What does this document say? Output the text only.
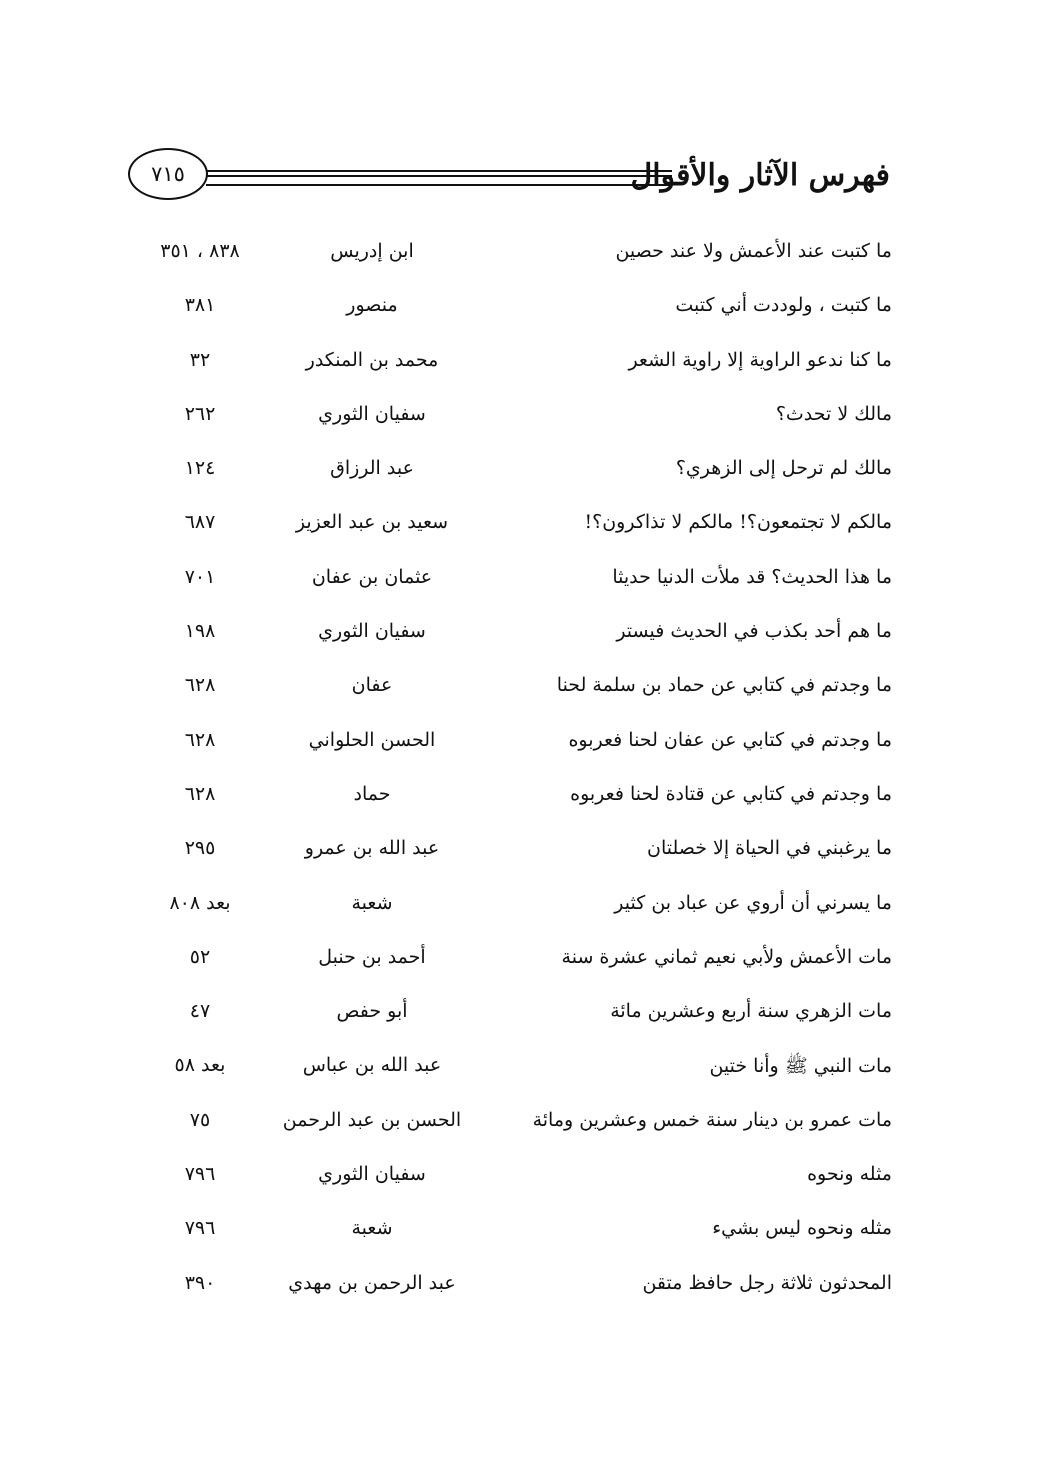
٧١٥	فهرس الآثار والأقوال
ما كتبت عند الأعمش ولا عند حصين
ابن إدريس
٨٣٨ ، ٣٥١
ما كتبت ، ولوددت أني كتبت
منصور
٣٨١
ما كنا ندعو الراوية إلا راوية الشعر
محمد بن المنكدر
٣٢
مالك لا تحدث؟
سفيان الثوري
٢٦٢
مالك لم ترحل إلى الزهري؟
عبد الرزاق
١٢٤
مالكم لا تجتمعون؟! مالكم لا تذاكرون؟!
سعيد بن عبد العزيز
٦٨٧
ما هذا الحديث؟ قد ملأت الدنيا حديثا
عثمان بن عفان
٧٠١
ما هم أحد بكذب في الحديث فيستر
سفيان الثوري
١٩٨
ما وجدتم في كتابي عن حماد بن سلمة لحنا
عفان
٦٢٨
ما وجدتم في كتابي عن عفان لحنا فعربوه
الحسن الحلواني
٦٢٨
ما وجدتم في كتابي عن قتادة لحنا فعربوه
حماد
٦٢٨
ما يرغبني في الحياة إلا خصلتان
عبد الله بن عمرو
٢٩٥
ما يسرني أن أروي عن عباد بن كثير
شعبة
بعد ٨٠٨
مات الأعمش ولأبي نعيم ثماني عشرة سنة
أحمد بن حنبل
٥٢
مات الزهري سنة أربع وعشرين مائة
أبو حفص
٤٧
مات النبي ﷺ وأنا ختين
عبد الله بن عباس
بعد ٥٨
مات عمرو بن دينار سنة خمس وعشرين ومائة
الحسن بن عبد الرحمن
٧٥
مثله ونحوه
سفيان الثوري
٧٩٦
مثله ونحوه ليس بشيء
شعبة
٧٩٦
المحدثون ثلاثة رجل حافظ متقن
عبد الرحمن بن مهدي
٣٩٠
